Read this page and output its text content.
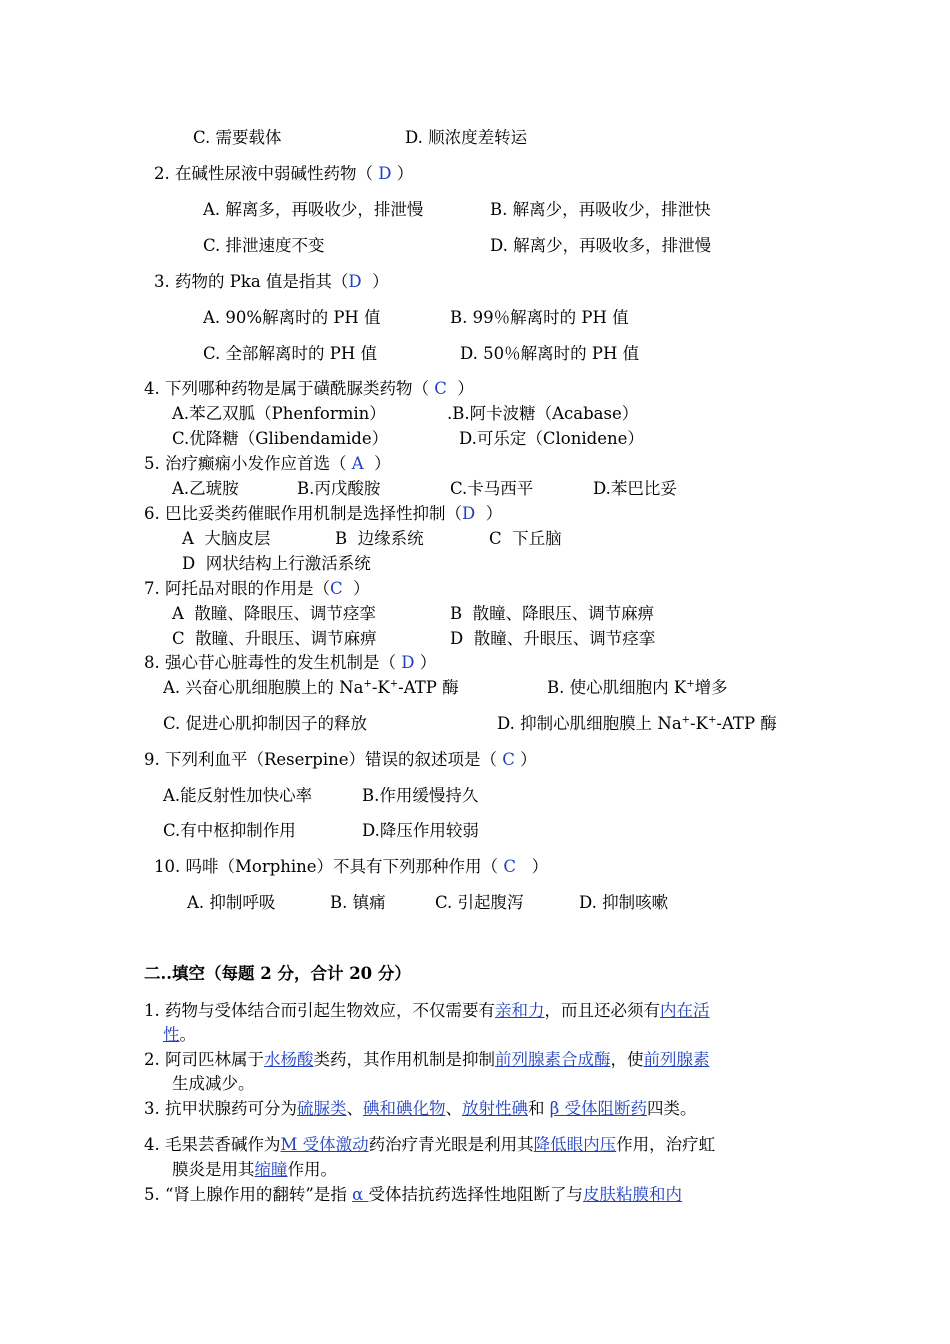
C. 需要载体	D. 顺浓度差转运
2. 在碱性尿液中弱碱性药物（ D ）
A. 解离多，再吸收少，排泄慢	B. 解离少，再吸收少，排泄快
C. 排泄速度不变	D. 解离少，再吸收多，排泄慢
3. 药物的 Pka 值是指其（D  ）
A. 90%解离时的 PH 值	B. 99％解离时的 PH 值
C. 全部解离时的 PH 值	D. 50％解离时的 PH 值
4. 下列哪种药物是属于磺酰脲类药物（ C  ）
A.苯乙双胍（Phenformin）	.B.阿卡波糖（Acabase）
C.优降糖（Glibendamide）	D.可乐定（Clonidene）
5. 治疗癫痫小发作应首选（ A  ）
A.乙琥胺	B.丙戊酸胺	C.卡马西平	D.苯巴比妥
6. 巴比妥类药催眠作用机制是选择性抑制（D  ）
A  大脑皮层	B  边缘系统	C  下丘脑
D  网状结构上行激活系统
7. 阿托品对眼的作用是（C  ）
A  散瞳、降眼压、调节痉挛	B  散瞳、降眼压、调节麻痹
C  散瞳、升眼压、调节麻痹	D  散瞳、升眼压、调节痉挛
8. 强心苷心脏毒性的发生机制是（ D ）
A. 兴奋心肌细胞膜上的 Na+-K+-ATP 酶	B. 使心肌细胞内 K+增多
C. 促进心肌抑制因子的释放	D. 抑制心肌细胞膜上 Na+-K+-ATP 酶
9. 下列利血平（Reserpine）错误的叙述项是（ C ）
A.能反射性加快心率	B.作用缓慢持久
C.有中枢抑制作用	D.降压作用较弱
10. 吗啡（Morphine）不具有下列那种作用（ C   ）
A. 抑制呼吸	B. 镇痛	C. 引起腹泻	D. 抑制咳嗽
二..填空（每题 2 分，合计 20 分）
1. 药物与受体结合而引起生物效应，不仅需要有亲和力，而且还必须有内在活
性。
2. 阿司匹林属于水杨酸类药，其作用机制是抑制前列腺素合成酶，使前列腺素
生成减少。
3. 抗甲状腺药可分为硫脲类、碘和碘化物、放射性碘和 β 受体阻断药四类。
4. 毛果芸香碱作为M 受体激动药治疗青光眼是利用其降低眼内压作用，治疗虹
膜炎是用其缩瞳作用。
5. “肾上腺作用的翻转”是指 α 受体拮抗药选择性地阻断了与皮肤粘膜和内
